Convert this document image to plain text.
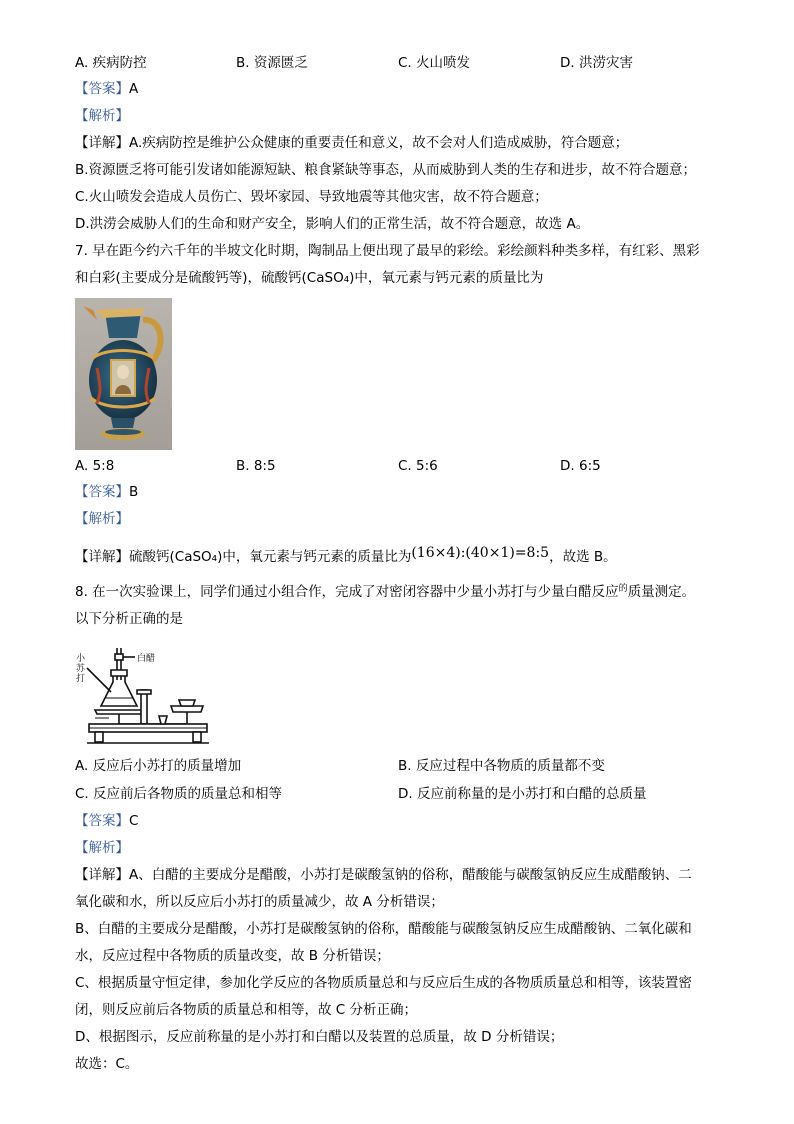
A. 疾病防控	B. 资源匮乏	C. 火山喷发	D. 洪涝灾害
【答案】A
【解析】
【详解】A.疾病防控是维护公众健康的重要责任和意义，故不会对人们造成威胁，符合题意；
B.资源匮乏将可能引发诸如能源短缺、粮食紧缺等事态，从而威胁到人类的生存和进步，故不符合题意；
C.火山喷发会造成人员伤亡、毁坏家园、导致地震等其他灾害，故不符合题意；
D.洪涝会威胁人们的生命和财产安全，影响人们的正常生活，故不符合题意，故选 A。
7. 早在距今约六千年的半坡文化时期，陶制品上便出现了最早的彩绘。彩绘颜料种类多样，有红彩、黑彩
和白彩(主要成分是硫酸钙等)，硫酸钙(CaSO₄)中，氧元素与钙元素的质量比为
A. 5:8	B. 8:5	C. 5:6	D. 6:5
【答案】B
【解析】
【详解】硫酸钙(CaSO₄)中，氧元素与钙元素的质量比为(16×4):(40×1)=8:5，故选 B。
8. 在一次实验课上，同学们通过小组合作，完成了对密闭容器中少量小苏打与少量白醋反应$^的$质量测定。
以下分析正确的是
小
苏
打
白醋
A. 反应后小苏打的质量增加	B. 反应过程中各物质的质量都不变
C. 反应前后各物质的质量总和相等	D. 反应前称量的是小苏打和白醋的总质量
【答案】C
【解析】
【详解】A、白醋的主要成分是醋酸，小苏打是碳酸氢钠的俗称，醋酸能与碳酸氢钠反应生成醋酸钠、二
氧化碳和水，所以反应后小苏打的质量减少，故 A 分析错误；
B、白醋的主要成分是醋酸，小苏打是碳酸氢钠的俗称，醋酸能与碳酸氢钠反应生成醋酸钠、二氧化碳和
水，反应过程中各物质的质量改变，故 B 分析错误；
C、根据质量守恒定律，参加化学反应的各物质质量总和与反应后生成的各物质质量总和相等，该装置密
闭，则反应前后各物质的质量总和相等，故 C 分析正确；
D、根据图示，反应前称量的是小苏打和白醋以及装置的总质量，故 D 分析错误；
故选：C。
